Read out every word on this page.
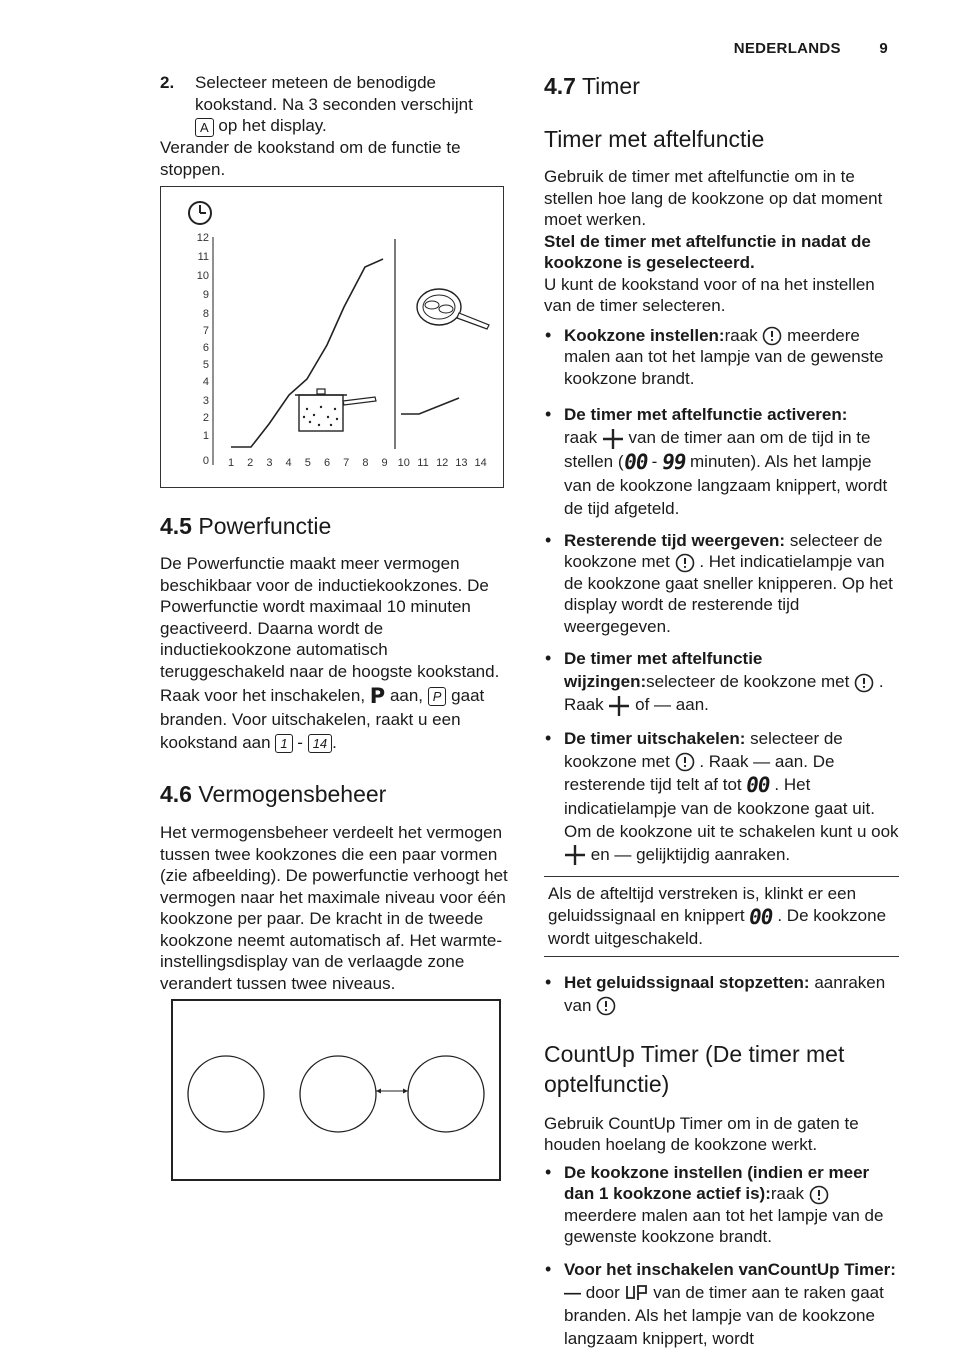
NEDERLANDS	9
2.	Selecteer meteen de benodigde kookstand. Na 3 seconden verschijnt
A op het display.

Verander de kookstand om de functie te stoppen.

12
11
10
9
8
7
6
5
4
3
2
1
0 1 2 3 4 5 6 7 8 9 10 11 12 13 14
4.5 Powerfunctie

De Powerfunctie maakt meer vermogen beschikbaar voor de inductiekookzones. De Powerfunctie wordt maximaal 10 minuten geactiveerd. Daarna wordt de inductiekookzone automatisch teruggeschakeld naar de hoogste kookstand.

Raak voor het inschakelen, P aan, P gaat branden. Voor uitschakelen, raakt u een kookstand aan 1 - 14 .

4.6 Vermogensbeheer

Het vermogensbeheer verdeelt het vermogen tussen twee kookzones die een paar vormen (zie afbeelding). De powerfunctie verhoogt het vermogen naar het maximale niveau voor één kookzone per paar. De kracht in de tweede kookzone neemt automatisch af. Het warmte-instellingsdisplay van de verlaagde zone verandert tussen twee niveaus.

4.7 Timer
Timer met aftelfunctie

Gebruik de timer met aftelfunctie om in te stellen hoe lang de kookzone op dat moment moet werken.

Stel de timer met aftelfunctie in nadat de kookzone is geselecteerd.

U kunt de kookstand voor of na het instellen van de timer selecteren.

• Kookzone instellen:raak meerdere malen aan tot het lampje van de gewenste kookzone brandt.
• De timer met aftelfunctie activeren:
raak van de timer aan om de tijd in te stellen (00 - 99 minuten). Als het lampje van de kookzone langzaam knippert, wordt de tijd afgeteld.
• Resterende tijd weergeven: selecteer de kookzone met . Het indicatielampje van de kookzone gaat sneller knipperen. Op het display wordt de resterende tijd weergegeven.
• De timer met aftelfunctie wijzingen:selecteer de kookzone met . Raak of — aan.
• De timer uitschakelen: selecteer de kookzone met . Raak — aan. De resterende tijd telt af tot 00 . Het indicatielampje van de kookzone gaat uit. Om de kookzone uit te schakelen kunt u ook  en — gelijktijdig aanraken.
Als de afteltijd verstreken is, klinkt er een geluidssignaal en knippert 00 . De kookzone wordt uitgeschakeld.
• Het geluidssignaal stopzetten: aanraken van
CountUp Timer (De timer met optelfunctie)

Gebruik CountUp Timer om in de gaten te houden hoelang de kookzone werkt.

• De kookzone instellen (indien er meer dan 1 kookzone actief is):raak  meerdere malen aan tot het lampje van de gewenste kookzone brandt.
• Voor het inschakelen vanCountUp Timer: — door van de timer aan te raken gaat branden. Als het lampje van de kookzone langzaam knippert, wordt
